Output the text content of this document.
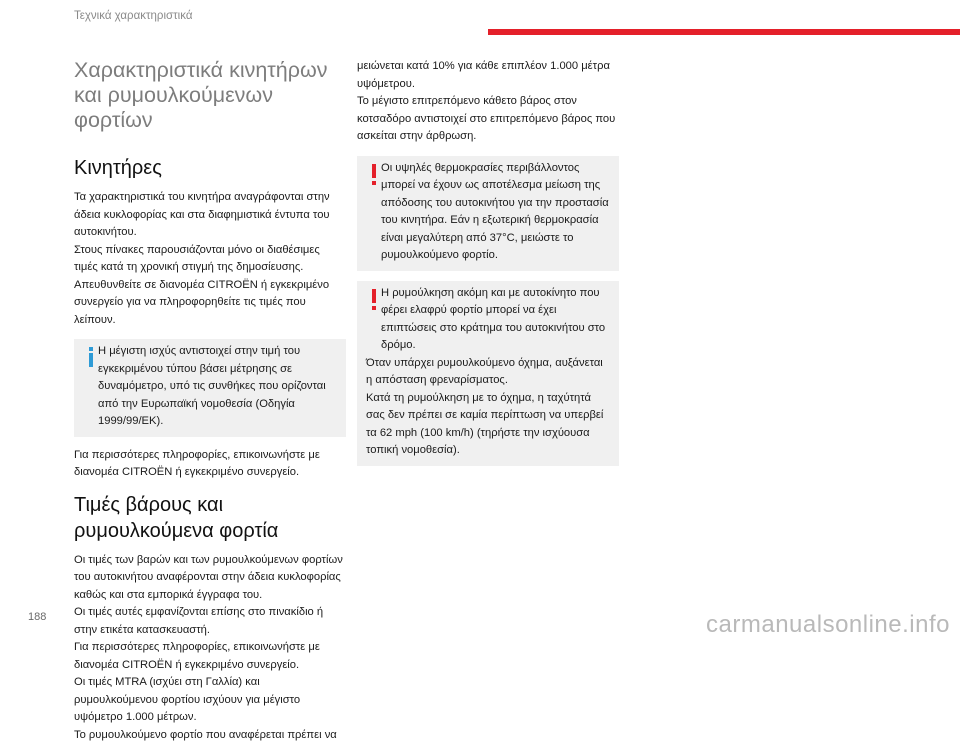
Τεχνικά χαρακτηριστικά
Χαρακτηριστικά κινητήρων και ρυμουλκούμενων φορτίων
Κινητήρες

Τα χαρακτηριστικά του κινητήρα αναγράφονται στην άδεια κυκλοφορίας και στα διαφημιστικά έντυπα του αυτοκινήτου.

Στους πίνακες παρουσιάζονται μόνο οι διαθέσιμες τιμές κατά τη χρονική στιγμή της δημοσίευσης.

Απευθυνθείτε σε διανομέα CITROËN ή εγκεκριμένο συνεργείο για να πληροφορηθείτε τις τιμές που λείπουν.

Η μέγιστη ισχύς αντιστοιχεί στην τιμή του εγκεκριμένου τύπου βάσει μέτρησης σε δυναμόμετρο, υπό τις συνθήκες που ορίζονται από την Ευρωπαϊκή νομοθεσία (Οδηγία 1999/99/ΕΚ).

Για περισσότερες πληροφορίες, επικοινωνήστε με διανομέα CITROËN ή εγκεκριμένο συνεργείο.

Τιμές βάρους και ρυμουλκούμενα φορτία

Οι τιμές των βαρών και των ρυμουλκούμενων φορτίων του αυτοκινήτου αναφέρονται στην άδεια κυκλοφορίας καθώς και στα εμπορικά έγγραφα του.

Οι τιμές αυτές εμφανίζονται επίσης στο πινακίδιο ή στην ετικέτα κατασκευαστή.

Για περισσότερες πληροφορίες, επικοινωνήστε με διανομέα CITROËN ή εγκεκριμένο συνεργείο.

Οι τιμές MTRA (ισχύει στη Γαλλία) και ρυμουλκούμενου φορτίου ισχύουν για μέγιστο υψόμετρο 1.000 μέτρων.

Το ρυμουλκούμενο φορτίο που αναφέρεται πρέπει να

μειώνεται κατά 10% για κάθε επιπλέον 1.000 μέτρα υψόμετρου.

Το μέγιστο επιτρεπόμενο κάθετο βάρος στον κοτσαδόρο αντιστοιχεί στο επιτρεπόμενο βάρος που ασκείται στην άρθρωση.

Οι υψηλές θερμοκρασίες περιβάλλοντος μπορεί να έχουν ως αποτέλεσμα μείωση της απόδοσης του αυτοκινήτου για την προστασία του κινητήρα. Εάν η εξωτερική θερμοκρασία είναι μεγαλύτερη από 37°C, μειώστε το ρυμουλκούμενο φορτίο.

Η ρυμούλκηση ακόμη και με αυτοκίνητο που φέρει ελαφρύ φορτίο μπορεί να έχει επιπτώσεις στο κράτημα του αυτοκινήτου στο δρόμο.

Όταν υπάρχει ρυμουλκούμενο όχημα, αυξάνεται η απόσταση φρεναρίσματος.

Κατά τη ρυμούλκηση με το όχημα, η ταχύτητά σας δεν πρέπει σε καμία περίπτωση να υπερβεί τα 62 mph (100 km/h) (τηρήστε την ισχύουσα τοπική νομοθεσία).

188	carmanualsonline.info
